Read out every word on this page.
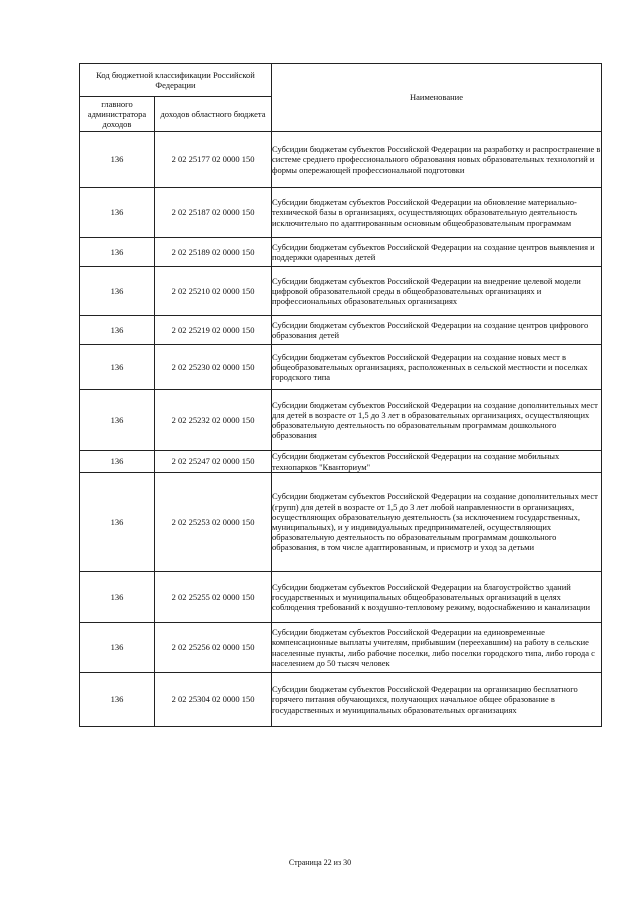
Код бюджетной классификации Российской Федерации		Наименование
главного администратора доходов	доходов областного бюджета	
136	2 02 25177 02 0000 150	Субсидии бюджетам субъектов Российской Федерации на разработку и распространение в системе среднего профессионального образования новых образовательных технологий и формы опережающей профессиональной подготовки
136	2 02 25187 02 0000 150	Субсидии бюджетам субъектов Российской Федерации на обновление материально-технической базы в организациях, осуществляющих образовательную деятельность исключительно по адаптированным основным общеобразовательным программам
136	2 02 25189 02 0000 150	Субсидии бюджетам субъектов Российской Федерации на создание центров выявления и поддержки одаренных детей
136	2 02 25210 02 0000 150	Субсидии бюджетам субъектов Российской Федерации на внедрение целевой модели цифровой образовательной среды в общеобразовательных организациях и профессиональных образовательных организациях
136	2 02 25219 02 0000 150	Субсидии бюджетам субъектов Российской Федерации на создание центров цифрового образования детей
136	2 02 25230 02 0000 150	Субсидии бюджетам субъектов Российской Федерации на создание новых мест в общеобразовательных организациях, расположенных в сельской местности и поселках городского типа
136	2 02 25232 02 0000 150	Субсидии бюджетам субъектов Российской Федерации на создание дополнительных мест для детей в возрасте от 1,5 до 3 лет в образовательных организациях, осуществляющих образовательную деятельность по образовательным программам дошкольного образования
136	2 02 25247 02 0000 150	Субсидии бюджетам субъектов Российской Федерации на создание мобильных технопарков "Кванториум"
136	2 02 25253 02 0000 150	Субсидии бюджетам субъектов Российской Федерации на создание дополнительных мест (групп) для детей в возрасте от 1,5 до 3 лет любой направленности в организациях, осуществляющих образовательную деятельность (за исключением государственных, муниципальных), и у индивидуальных предпринимателей, осуществляющих образовательную деятельность по образовательным программам дошкольного образования, в том числе адаптированным, и присмотр и уход за детьми
136	2 02 25255 02 0000 150	Субсидии бюджетам субъектов Российской Федерации на благоустройство зданий государственных и муниципальных общеобразовательных организаций в целях соблюдения требований к воздушно-тепловому режиму, водоснабжению и канализации
136	2 02 25256 02 0000 150	Субсидии бюджетам субъектов Российской Федерации на единовременные компенсационные выплаты учителям, прибывшим (переехавшим) на работу в сельские населенные пункты, либо рабочие поселки, либо поселки городского типа, либо города с населением до 50 тысяч человек
136	2 02 25304 02 0000 150	Субсидии бюджетам субъектов Российской Федерации на организацию бесплатного горячего питания обучающихся, получающих начальное общее образование в государственных и муниципальных образовательных организациях
Страница 22 из 30
